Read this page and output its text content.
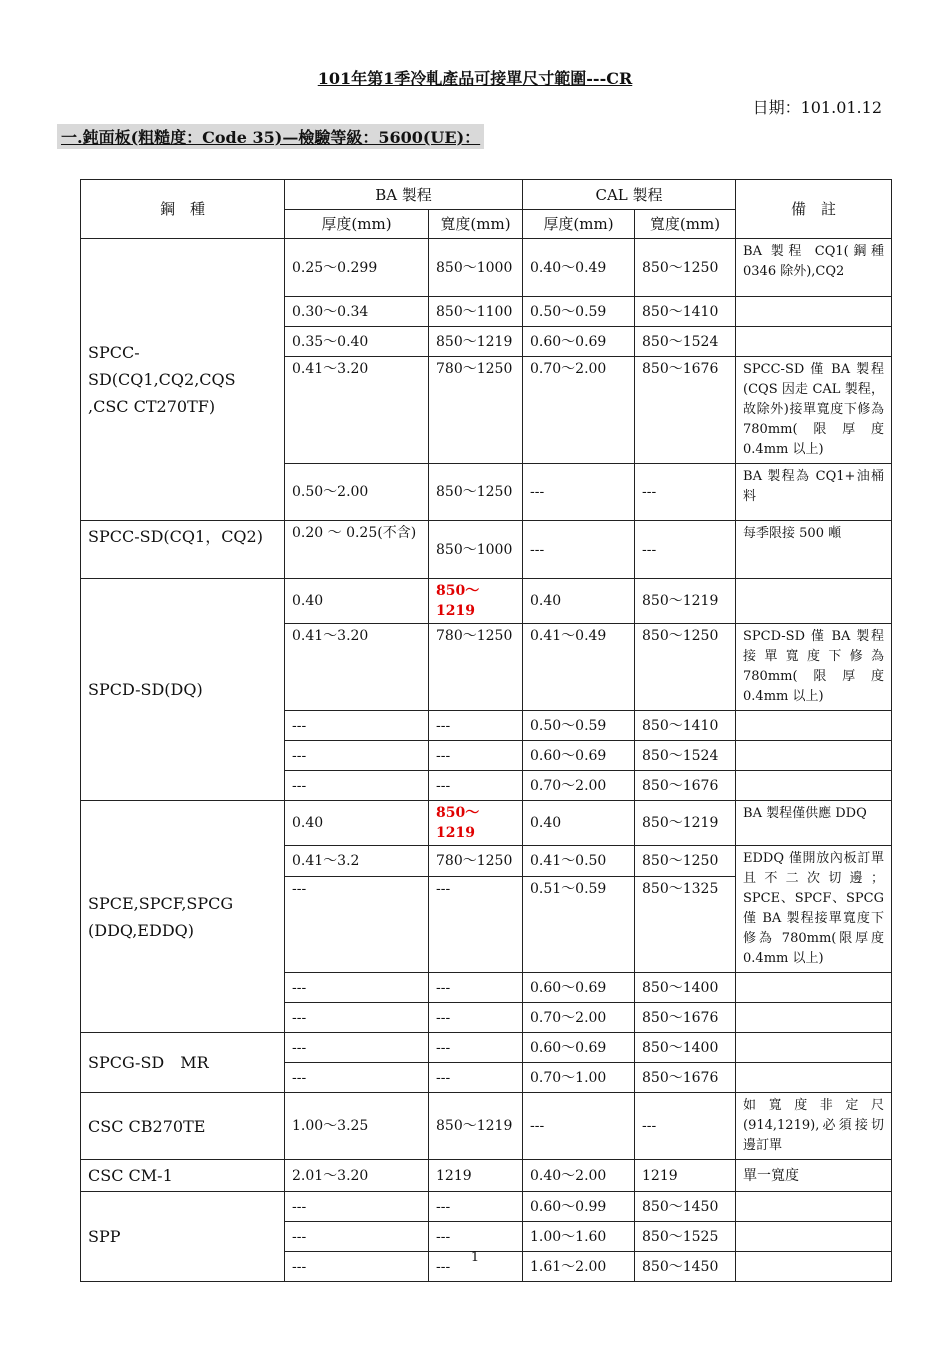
101年第1季冷軋產品可接單尺寸範圍---CR
日期：101.01.12
一.鈍面板(粗糙度：Code 35)—檢驗等級：5600(UE)：
鋼　種	BA 製程		CAL 製程		備　註
	厚度(mm)	寬度(mm)	厚度(mm)	寬度(mm)	
SPCC-SD(CQ1,CQ2,CQS ,CSC CT270TF)	0.25～0.299	850～1000	0.40～0.49	850～1250	BA 製程 CQ1(鋼種 0346 除外),CQ2
	0.30～0.34	850～1100	0.50～0.59	850～1410	
	0.35～0.40	850～1219	0.60～0.69	850～1524	
	0.41～3.20	780～1250	0.70～2.00	850～1676	SPCC-SD 僅 BA 製程(CQS 因走 CAL 製程，故除外)接單寬度下修為 780mm(限厚度 0.4mm 以上)
	0.50～2.00	850～1250	---	---	BA 製程為 CQ1+油桶料
SPCC-SD(CQ1，CQ2)	0.20 ～ 0.25(不含)	850～1000	---	---	每季限接 500 噸
SPCD-SD(DQ)	0.40	850～1219	0.40	850～1219	
	0.41～3.20	780～1250	0.41～0.49	850～1250	SPCD-SD 僅 BA 製程接單寬度下修為 780mm(限厚度 0.4mm 以上)
	---	---	0.50～0.59	850～1410	
	---	---	0.60～0.69	850～1524	
	---	---	0.70～2.00	850～1676	
SPCE,SPCF,SPCG (DDQ,EDDQ)	0.40	850～1219	0.40	850～1219	BA 製程僅供應 DDQ
	0.41～3.2	780～1250	0.41～0.50	850～1250	EDDQ 僅開放內板訂單且不二次切邊；SPCE、SPCF、SPCG 僅 BA 製程接單寬度下修為 780mm(限厚度 0.4mm 以上)
	---	---	0.51～0.59	850～1325	
	---	---	0.60～0.69	850～1400	
	---	---	0.70～2.00	850～1676	
SPCG-SD　MR	---	---	0.60～0.69	850～1400	
	---	---	0.70～1.00	850～1676	
CSC CB270TE	1.00～3.25	850～1219	---	---	如寬度非定尺(914,1219),必須接切邊訂單
CSC CM-1	2.01～3.20	1219	0.40～2.00	1219	單一寬度
SPP	---	---	0.60～0.99	850～1450	
	---	---	1.00～1.60	850～1525	
	---	---	1.61～2.00	850～1450	
1
